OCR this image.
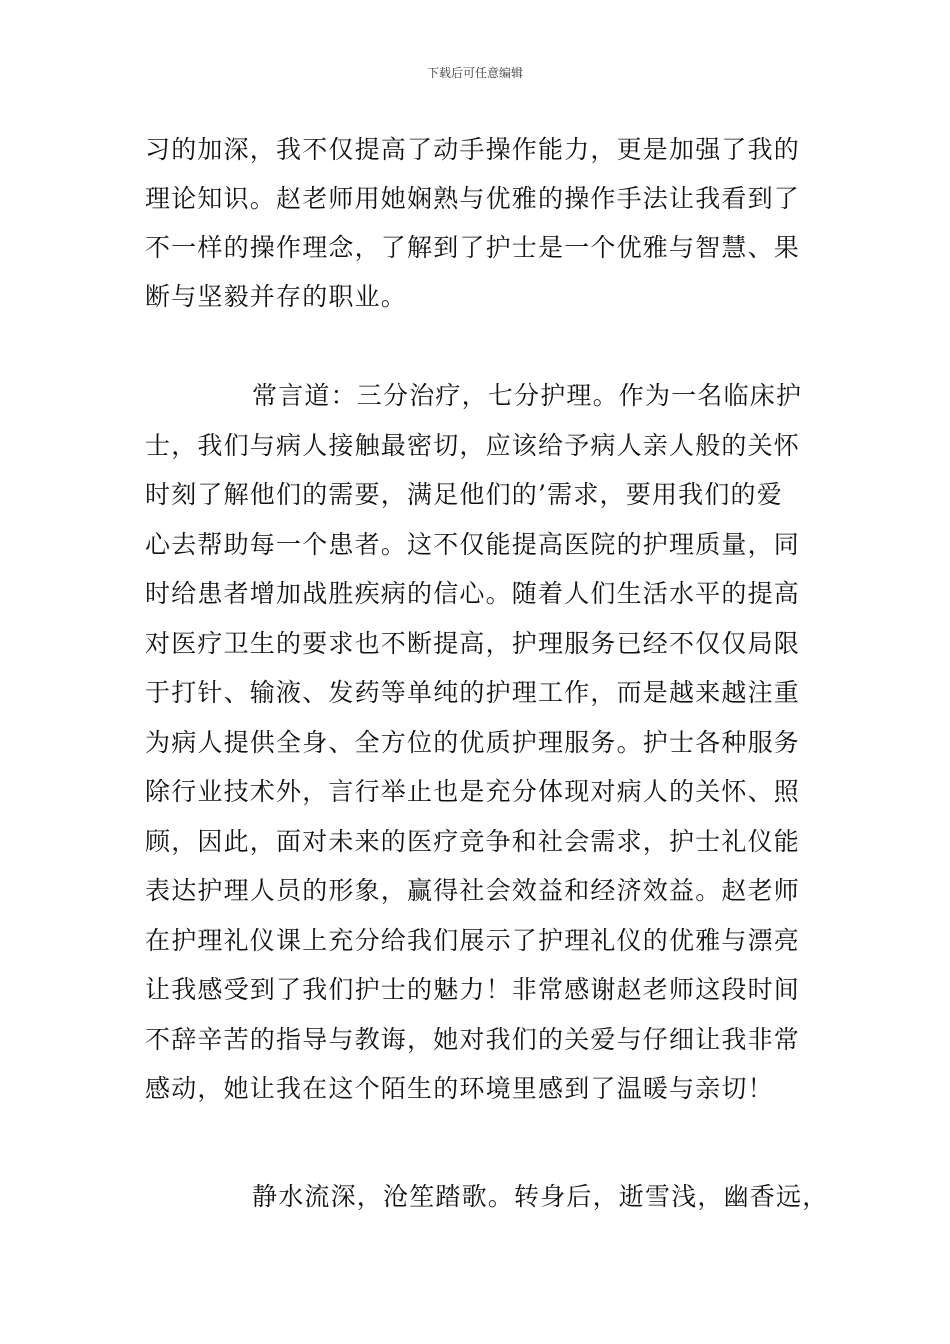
下载后可任意编辑
习的加深，我不仅提高了动手操作能力，更是加强了我的
理论知识。赵老师用她娴熟与优雅的操作手法让我看到了
不一样的操作理念，了解到了护士是一个优雅与智慧、果
断与坚毅并存的职业。
常言道：三分治疗，七分护理。作为一名临床护
士，我们与病人接触最密切，应该给予病人亲人般的关怀
时刻了解他们的需要，满足他们的’需求，要用我们的爱
心去帮助每一个患者。这不仅能提高医院的护理质量，同
时给患者增加战胜疾病的信心。随着人们生活水平的提高
对医疗卫生的要求也不断提高，护理服务已经不仅仅局限
于打针、输液、发药等单纯的护理工作，而是越来越注重
为病人提供全身、全方位的优质护理服务。护士各种服务
除行业技术外，言行举止也是充分体现对病人的关怀、照
顾，因此，面对未来的医疗竞争和社会需求，护士礼仪能
表达护理人员的形象，赢得社会效益和经济效益。赵老师
在护理礼仪课上充分给我们展示了护理礼仪的优雅与漂亮
让我感受到了我们护士的魅力！非常感谢赵老师这段时间
不辞辛苦的指导与教诲，她对我们的关爱与仔细让我非常
感动，她让我在这个陌生的环境里感到了温暖与亲切！
静水流深，沧笙踏歌。转身后，逝雪浅，幽香远，
